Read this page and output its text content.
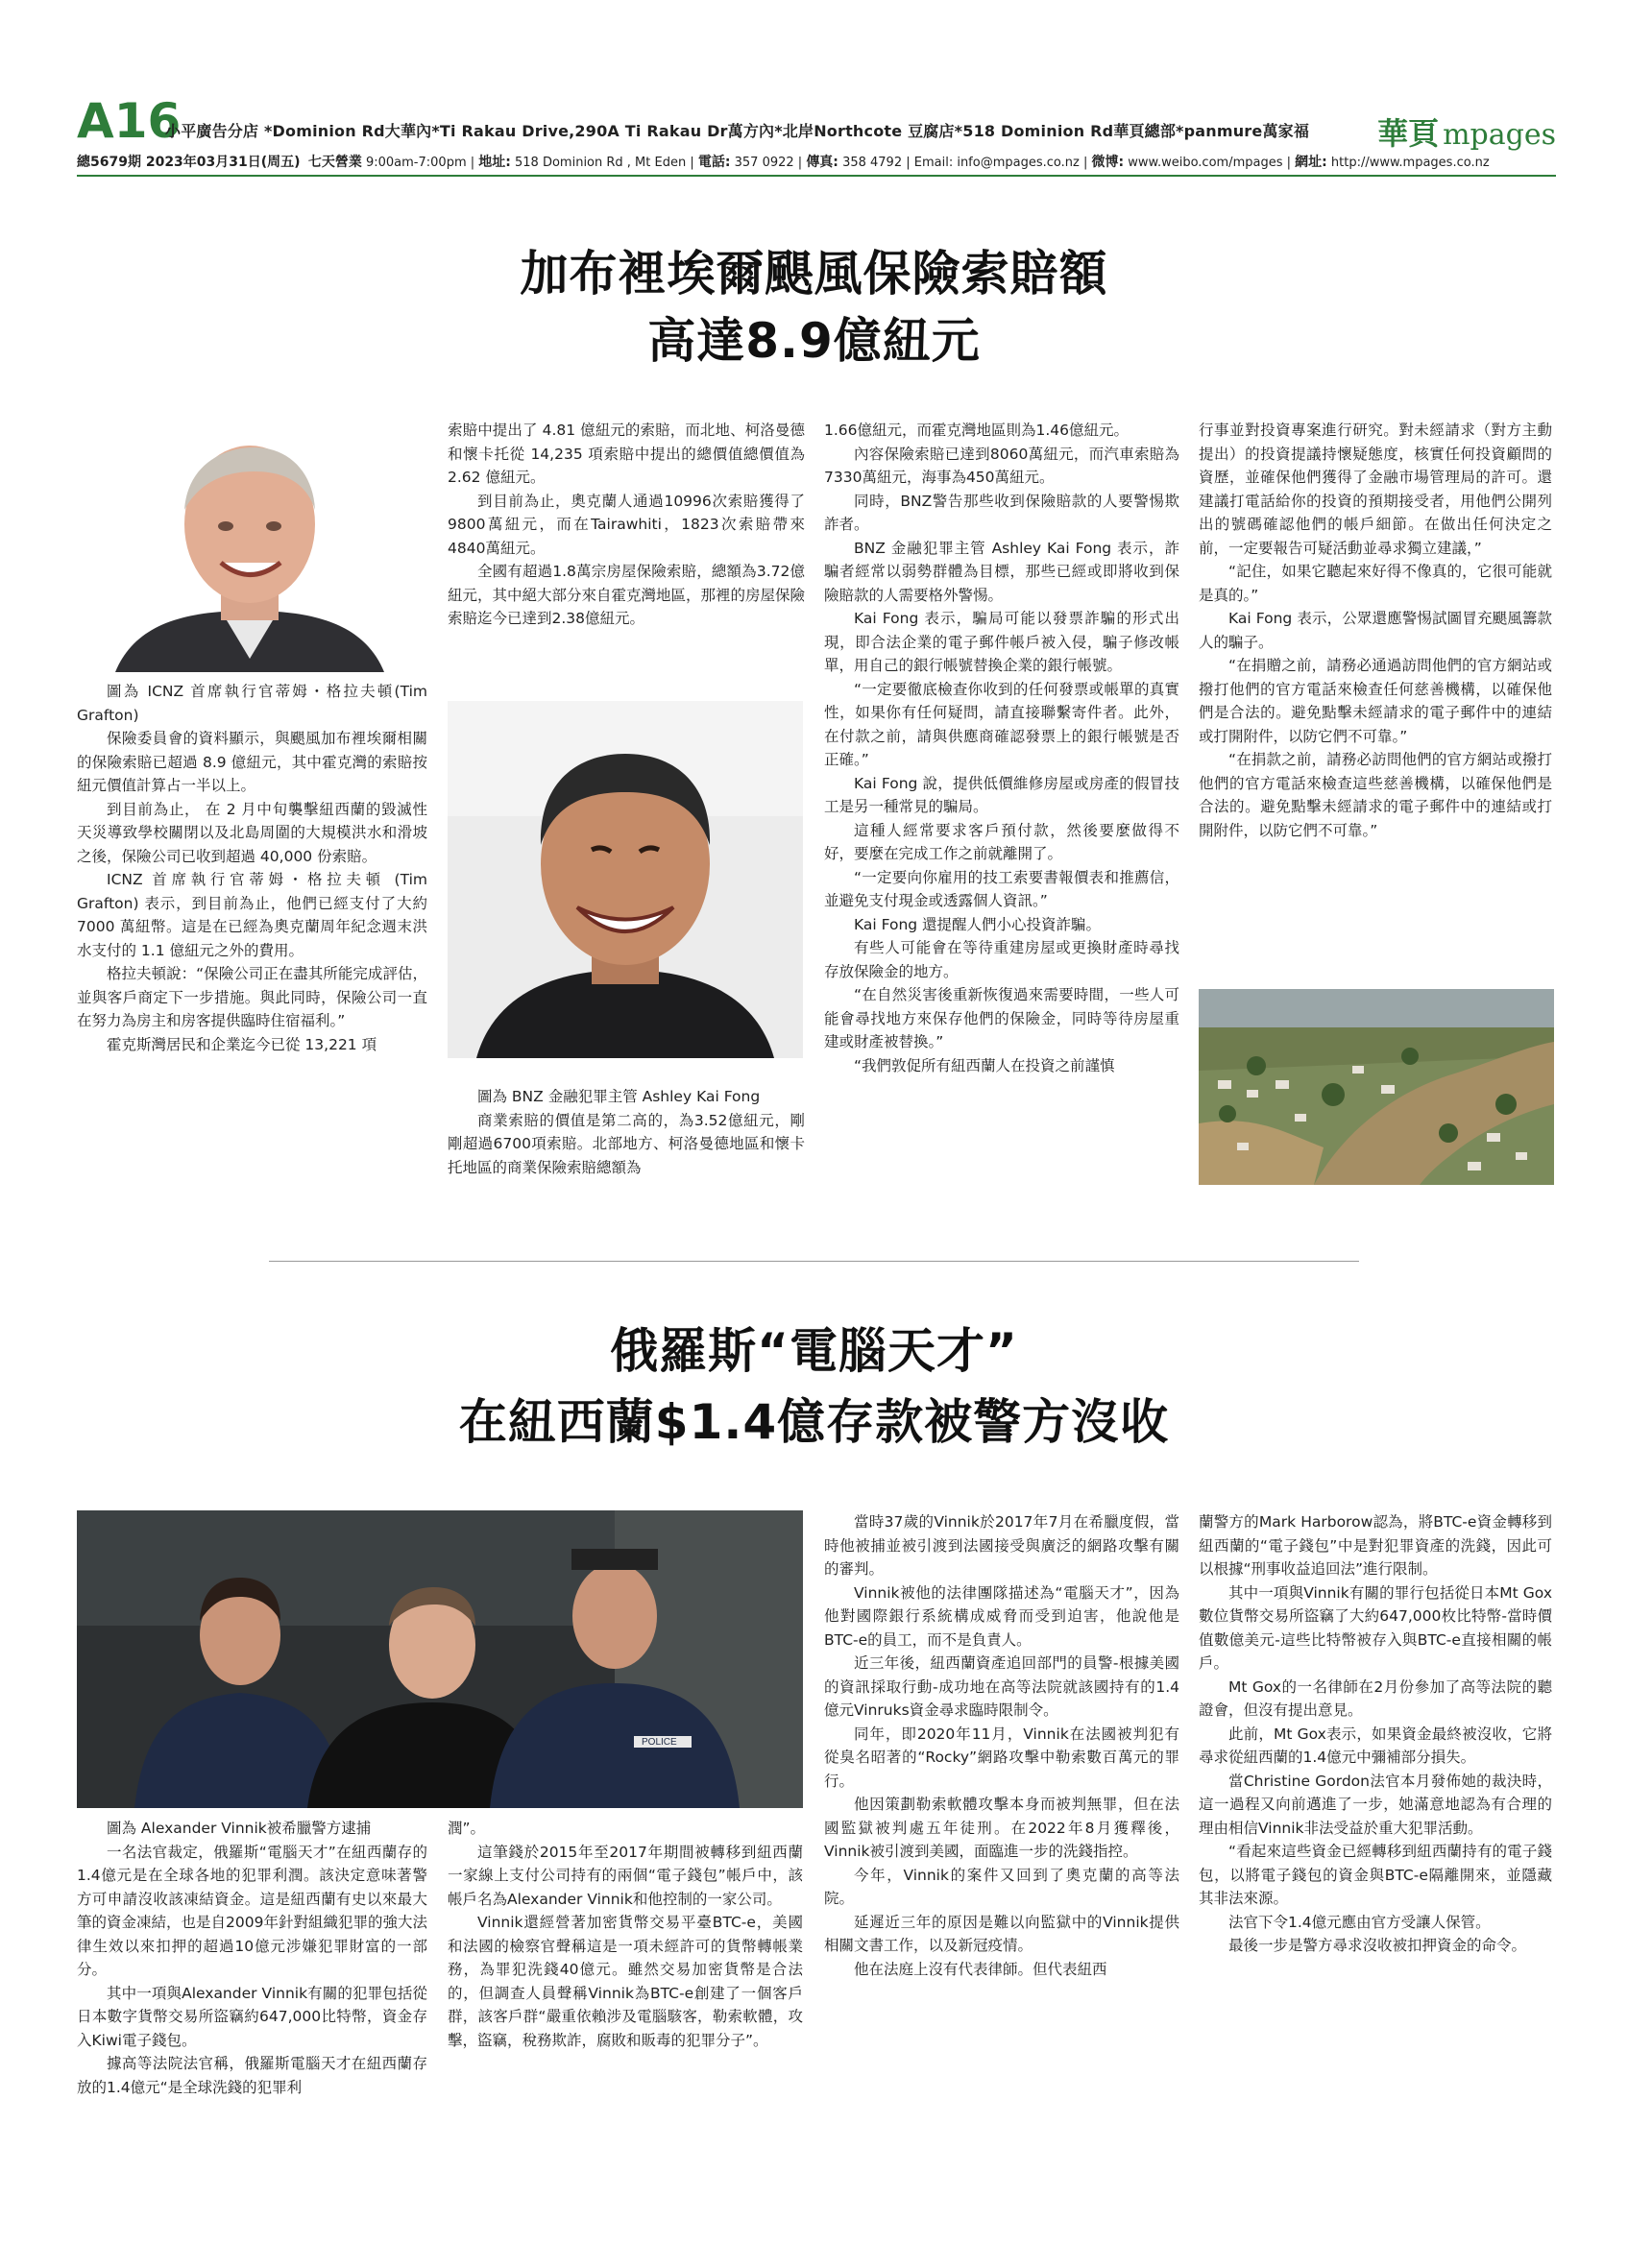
A16
小平廣告分店 *Dominion Rd大華內*Ti Rakau Drive,290A Ti Rakau Dr萬方內*北岸Northcote 豆腐店*518 Dominion Rd華頁總部*panmure萬家福 華頁 mpages
總5679期 2023年03月31日(周五) 七天營業 9:00am-7:00pm | 地址: 518 Dominion Rd , Mt Eden | 電話: 357 0922 | 傳真: 358 4792 | Email: info@mpages.co.nz | 微博: www.weibo.com/mpages | 網址: http://www.mpages.co.nz
加布裡埃爾颶風保險索賠額
高達8.9億紐元

圖為 ICNZ 首席執行官蒂姆・格拉夫頓(Tim Grafton)

保險委員會的資料顯示，與颶風加布裡埃爾相關的保險索賠已超過 8.9 億紐元，其中霍克灣的索賠按紐元價值計算占一半以上。

到目前為止， 在 2 月中旬襲擊紐西蘭的毀滅性天災導致學校關閉以及北島周圍的大規模洪水和滑坡之後，保險公司已收到超過 40,000 份索賠。

ICNZ 首席執行官蒂姆・格拉夫頓 (Tim Grafton) 表示，到目前為止，他們已經支付了大約 7000 萬紐幣。這是在已經為奧克蘭周年紀念週末洪水支付的 1.1 億紐元之外的費用。

格拉夫頓說：“保險公司正在盡其所能完成評估，並與客戶商定下一步措施。與此同時，保險公司一直在努力為房主和房客提供臨時住宿福利。”

霍克斯灣居民和企業迄今已從 13,221 項

索賠中提出了 4.81 億紐元的索賠，而北地、柯洛曼德和懷卡托從 14,235 項索賠中提出的總價值總價值為 2.62 億紐元。

到目前為止，奧克蘭人通過10996次索賠獲得了9800萬紐元，而在Tairawhiti，1823次索賠帶來4840萬紐元。

全國有超過1.8萬宗房屋保險索賠，總額為3.72億紐元，其中絕大部分來自霍克灣地區，那裡的房屋保險索賠迄今已達到2.38億紐元。

圖為 BNZ 金融犯罪主管 Ashley Kai Fong

商業索賠的價值是第二高的，為3.52億紐元，剛剛超過6700項索賠。北部地方、柯洛曼德地區和懷卡托地區的商業保險索賠總額為

1.66億紐元，而霍克灣地區則為1.46億紐元。

內容保險索賠已達到8060萬紐元，而汽車索賠為7330萬紐元，海事為450萬紐元。

同時，BNZ警告那些收到保險賠款的人要警惕欺詐者。

BNZ 金融犯罪主管 Ashley Kai Fong 表示，詐騙者經常以弱勢群體為目標，那些已經或即將收到保險賠款的人需要格外警惕。

Kai Fong 表示，騙局可能以發票詐騙的形式出現，即合法企業的電子郵件帳戶被入侵，騙子修改帳單，用自己的銀行帳號替換企業的銀行帳號。

“一定要徹底檢查你收到的任何發票或帳單的真實性，如果你有任何疑問，請直接聯繫寄件者。此外，在付款之前，請與供應商確認發票上的銀行帳號是否正確。”

Kai Fong 說，提供低價維修房屋或房產的假冒技工是另一種常見的騙局。

這種人經常要求客戶預付款，然後要麼做得不好，要麼在完成工作之前就離開了。

“一定要向你雇用的技工索要書報價表和推薦信，並避免支付現金或透露個人資訊。”

Kai Fong 還提醒人們小心投資詐騙。

有些人可能會在等待重建房屋或更換財產時尋找存放保險金的地方。

“在自然災害後重新恢復過來需要時間，一些人可能會尋找地方來保存他們的保險金，同時等待房屋重建或財產被替換。”

“我們敦促所有紐西蘭人在投資之前謹慎

行事並對投資專案進行研究。對未經請求（對方主動提出）的投資提議持懷疑態度，核實任何投資顧問的資歷，並確保他們獲得了金融市場管理局的許可。還建議打電話給你的投資的預期接受者，用他們公開列出的號碼確認他們的帳戶細節。在做出任何決定之前，一定要報告可疑活動並尋求獨立建議，”

“記住，如果它聽起來好得不像真的，它很可能就是真的。”

Kai Fong 表示，公眾還應警惕試圖冒充颶風籌款人的騙子。

“在捐贈之前，請務必通過訪問他們的官方網站或撥打他們的官方電話來檢查任何慈善機構，以確保他們是合法的。避免點擊未經請求的電子郵件中的連結或打開附件，以防它們不可靠。”

“在捐款之前，請務必訪問他們的官方網站或撥打他們的官方電話來檢查這些慈善機構，以確保他們是合法的。避免點擊未經請求的電子郵件中的連結或打開附件，以防它們不可靠。”

俄羅斯“電腦天才”
在紐西蘭$1.4億存款被警方沒收
POLICE

圖為 Alexander Vinnik被希臘警方逮捕

一名法官裁定，俄羅斯“電腦天才”在紐西蘭存的1.4億元是在全球各地的犯罪利潤。該決定意味著警方可申請沒收該凍結資金。這是紐西蘭有史以來最大筆的資金凍結，也是自2009年針對組織犯罪的強大法律生效以來扣押的超過10億元涉嫌犯罪財富的一部分。

其中一項與Alexander Vinnik有關的犯罪包括從日本數字貨幣交易所盜竊約647,000比特幣，資金存入Kiwi電子錢包。

據高等法院法官稱，俄羅斯電腦天才在紐西蘭存放的1.4億元“是全球洗錢的犯罪利

潤”。

這筆錢於2015年至2017年期間被轉移到紐西蘭一家線上支付公司持有的兩個“電子錢包”帳戶中，該帳戶名為Alexander Vinnik和他控制的一家公司。

Vinnik還經營著加密貨幣交易平臺BTC-e，美國和法國的檢察官聲稱這是一項未經許可的貨幣轉帳業務，為罪犯洗錢40億元。雖然交易加密貨幣是合法的，但調查人員聲稱Vinnik為BTC-e創建了一個客戶群，該客戶群“嚴重依賴涉及電腦駭客，勒索軟體，攻擊，盜竊，稅務欺詐，腐敗和販毒的犯罪分子”。

當時37歲的Vinnik於2017年7月在希臘度假，當時他被捕並被引渡到法國接受與廣泛的網路攻擊有關的審判。

Vinnik被他的法律團隊描述為“電腦天才”，因為他對國際銀行系統構成威脅而受到迫害，他說他是BTC-e的員工，而不是負責人。

近三年後，紐西蘭資產追回部門的員警-根據美國的資訊採取行動-成功地在高等法院就該國持有的1.4億元Vinruks資金尋求臨時限制令。

同年，即2020年11月，Vinnik在法國被判犯有從臭名昭著的“Rocky”網路攻擊中勒索數百萬元的罪行。

他因策劃勒索軟體攻擊本身而被判無罪，但在法國監獄被判處五年徒刑。在2022年8月獲釋後，Vinnik被引渡到美國，面臨進一步的洗錢指控。

今年，Vinnik的案件又回到了奧克蘭的高等法院。

延遲近三年的原因是難以向監獄中的Vinnik提供相關文書工作，以及新冠疫情。

他在法庭上沒有代表律師。但代表紐西

蘭警方的Mark Harborow認為，將BTC-e資金轉移到紐西蘭的“電子錢包”中是對犯罪資產的洗錢，因此可以根據“刑事收益追回法”進行限制。

其中一項與Vinnik有關的罪行包括從日本Mt Gox數位貨幣交易所盜竊了大約647,000枚比特幣-當時價值數億美元-這些比特幣被存入與BTC-e直接相關的帳戶。

Mt Gox的一名律師在2月份參加了高等法院的聽證會，但沒有提出意見。

此前，Mt Gox表示，如果資金最終被沒收，它將尋求從紐西蘭的1.4億元中彌補部分損失。

當Christine Gordon法官本月發佈她的裁決時，這一過程又向前邁進了一步，她滿意地認為有合理的理由相信Vinnik非法受益於重大犯罪活動。

“看起來這些資金已經轉移到紐西蘭持有的電子錢包，以將電子錢包的資金與BTC-e隔離開來，並隱藏其非法來源。

法官下令1.4億元應由官方受讓人保管。

最後一步是警方尋求沒收被扣押資金的命令。
